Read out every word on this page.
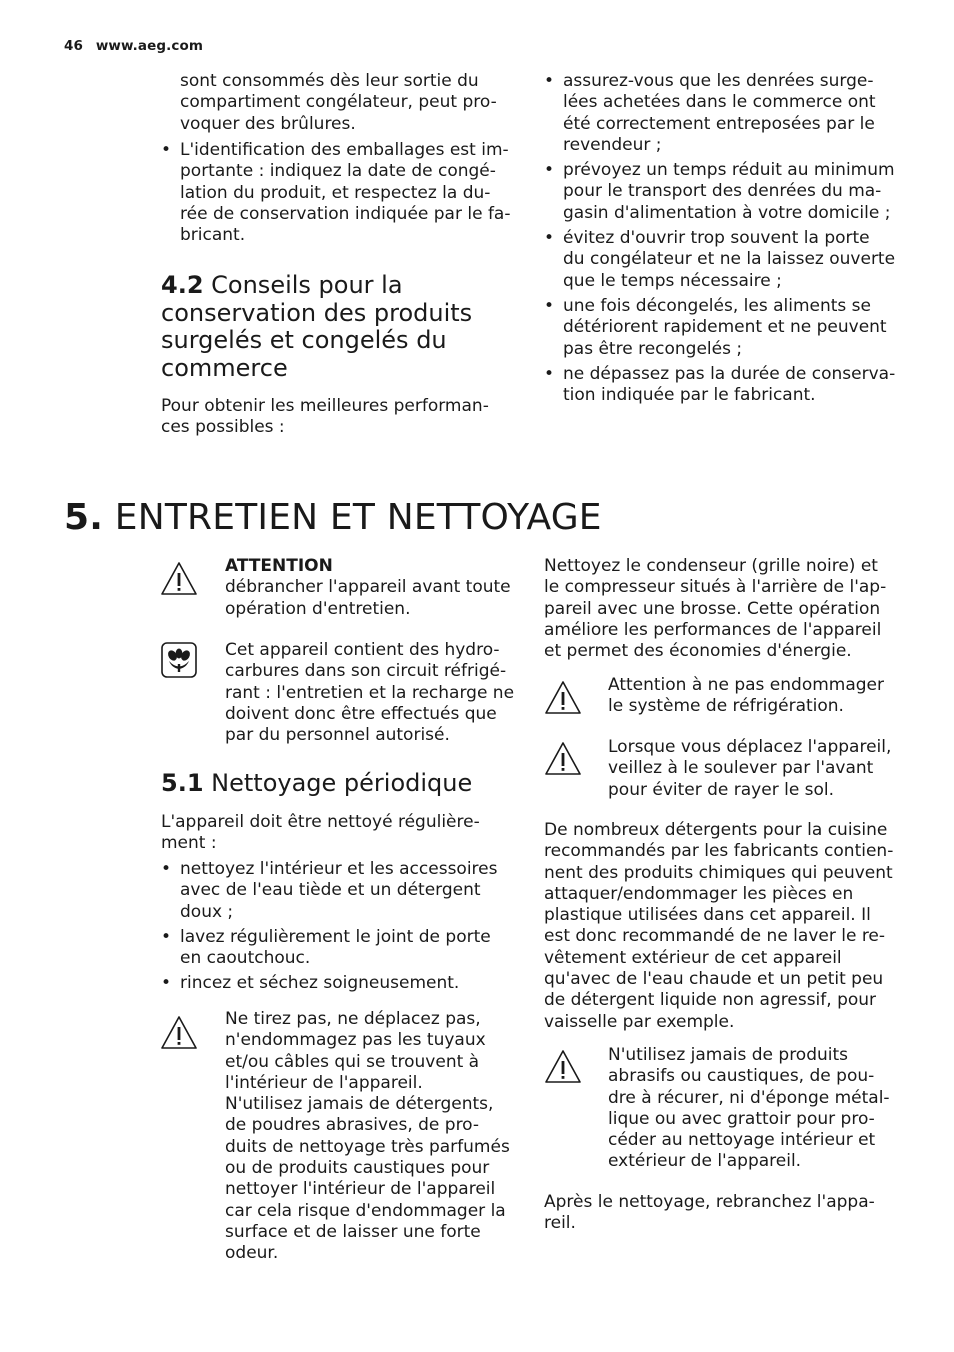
46 www.aeg.com

sont consommés dès leur sortie du
compartiment congélateur, peut pro-
voquer des brûlures.

• L'identification des emballages est im-
portante : indiquez la date de congé-
lation du produit, et respectez la du-
rée de conservation indiquée par le fa-
bricant.
4.2 Conseils pour la
conservation des produits
surgelés et congelés du
commerce

Pour obtenir les meilleures performan-
ces possibles :

• assurez-vous que les denrées surge-
lées achetées dans le commerce ont
été correctement entreposées par le
revendeur ;
• prévoyez un temps réduit au minimum
pour le transport des denrées du ma-
gasin d'alimentation à votre domicile ;
• évitez d'ouvrir trop souvent la porte
du congélateur et ne la laissez ouverte
que le temps nécessaire ;
• une fois décongelés, les aliments se
détériorent rapidement et ne peuvent
pas être recongelés ;
• ne dépassez pas la durée de conserva-
tion indiquée par le fabricant.
5. ENTRETIEN ET NETTOYAGE

ATTENTION

débrancher l'appareil avant toute
opération d'entretien.

Cet appareil contient des hydro-
carbures dans son circuit réfrigé-
rant : l'entretien et la recharge ne
doivent donc être effectués que
par du personnel autorisé.

5.1 Nettoyage périodique

L'appareil doit être nettoyé régulière-
ment :

• nettoyez l'intérieur et les accessoires
avec de l'eau tiède et un détergent
doux ;
• lavez régulièrement le joint de porte
en caoutchouc.
• rincez et séchez soigneusement.

Ne tirez pas, ne déplacez pas,
n'endommagez pas les tuyaux
et/ou câbles qui se trouvent à
l'intérieur de l'appareil.
N'utilisez jamais de détergents,
de poudres abrasives, de pro-
duits de nettoyage très parfumés
ou de produits caustiques pour
nettoyer l'intérieur de l'appareil
car cela risque d'endommager la
surface et de laisser une forte
odeur.

Nettoyez le condenseur (grille noire) et
le compresseur situés à l'arrière de l'ap-
pareil avec une brosse. Cette opération
améliore les performances de l'appareil
et permet des économies d'énergie.

Attention à ne pas endommager
le système de réfrigération.

Lorsque vous déplacez l'appareil,
veillez à le soulever par l'avant
pour éviter de rayer le sol.

De nombreux détergents pour la cuisine
recommandés par les fabricants contien-
nent des produits chimiques qui peuvent
attaquer/endommager les pièces en
plastique utilisées dans cet appareil. Il
est donc recommandé de ne laver le re-
vêtement extérieur de cet appareil
qu'avec de l'eau chaude et un petit peu
de détergent liquide non agressif, pour
vaisselle par exemple.

N'utilisez jamais de produits
abrasifs ou caustiques, de pou-
dre à récurer, ni d'éponge métal-
lique ou avec grattoir pour pro-
céder au nettoyage intérieur et
extérieur de l'appareil.

Après le nettoyage, rebranchez l'appa-
reil.
